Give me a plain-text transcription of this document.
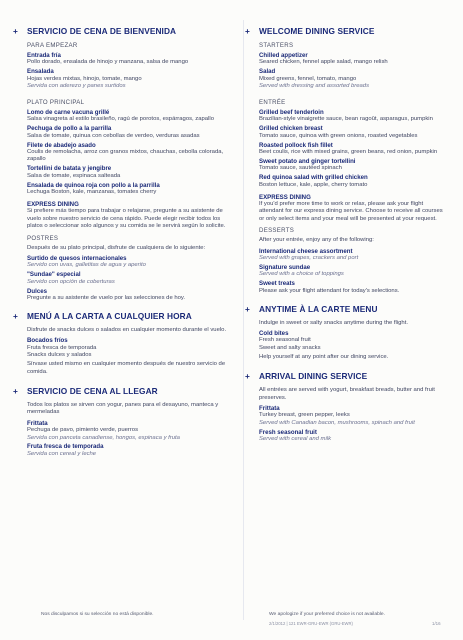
+ SERVICIO DE CENA DE BIENVENIDA
PARA EMPEZAR
Entrada fría
Pollo dorado, ensalada de hinojo y manzana, salsa de mango
Ensalada
Hojas verdes mixtas, hinojo, tomate, mango
Servida con aderezo y panes surtidos
PLATO PRINCIPAL
Lomo de carne vacuna grillé
Salsa vinagreta al estilo brasileño, ragú de porotos, espárragos, zapallo
Pechuga de pollo a la parrilla
Salsa de tomate, quinua con cebollas de verdeo, verduras asadas
Filete de abadejo asado
Coulis de remolacha, arroz con granos mixtos, chauchas, cebolla colorada, zapallo
Tortellini de batata y jengibre
Salsa de tomate, espinaca salteada
Ensalada de quinoa roja con pollo a la parrilla
Lechuga Boston, kale, manzanas, tomates cherry
EXPRESS DINING
Si prefiere más tiempo para trabajar o relajarse, pregunte a su asistente de vuelo sobre nuestro servicio de cena rápido. Puede elegir recibir todos los platos o seleccionar solo algunos y su comida se le servirá según lo solicite.
POSTRES
Después de su plato principal, disfrute de cualquiera de lo siguiente:
Surtido de quesos internacionales
Servido con uvas, galletitas de agua y aperito
"Sundae" especial
Servido con opción de coberturas
Dulces
Pregunte a su asistente de vuelo por las selecciones de hoy.
+ MENÚ A LA CARTA A CUALQUIER HORA
Disfrute de snacks dulces o salados en cualquier momento durante el vuelo.
Bocados fríos
Fruta fresca de temporada
Snacks dulces y salados
Sírvase usted mismo en cualquier momento después de nuestro servicio de comida.
+ SERVICIO DE CENA AL LLEGAR
Todos los platos se sirven con yogur, panes para el desayuno, manteca y mermeladas
Frittata
Pechuga de pavo, pimiento verde, puerros
Servida con panceta canadiense, hongos, espinaca y fruta
Fruta fresca de temporada
Servida con cereal y leche
+ WELCOME DINING SERVICE
STARTERS
Chilled appetizer
Seared chicken, fennel apple salad, mango relish
Salad
Mixed greens, fennel, tomato, mango
Served with dressing and assorted breads
ENTRÉE
Grilled beef tenderloin
Brazilian-style vinaigrette sauce, bean ragoût, asparagus, pumpkin
Grilled chicken breast
Tomato sauce, quinoa with green onions, roasted vegetables
Roasted pollock fish fillet
Beet coulis, rice with mixed grains, green beans, red onion, pumpkin
Sweet potato and ginger tortellini
Tomato sauce, sautéed spinach
Red quinoa salad with grilled chicken
Boston lettuce, kale, apple, cherry tomato
EXPRESS DINING
If you'd prefer more time to work or relax, please ask your flight attendant for our express dining service. Choose to receive all courses or only select items and your meal will be presented at your request.
DESSERTS
After your entrée, enjoy any of the following:
International cheese assortment
Served with grapes, crackers and port
Signature sundae
Served with a choice of toppings
Sweet treats
Please ask your flight attendant for today's selections.
+ ANYTIME À LA CARTE MENU
Indulge in sweet or salty snacks anytime during the flight.
Cold bites
Fresh seasonal fruit
Sweet and salty snacks
Help yourself at any point after our dining service.
+ ARRIVAL DINING SERVICE
All entrées are served with yogurt, breakfast breads, butter and fruit preserves.
Frittata
Turkey breast, green pepper, leeks
Served with Canadian bacon, mushrooms, spinach and fruit
Fresh seasonal fruit
Served with cereal and milk
Nos disculpamos si su selección no está disponible.	We apologize if your preferred choice is not available.
2/1/2012 | 121 EWR-GRU-EWR (GRU-EWR)	1/16
